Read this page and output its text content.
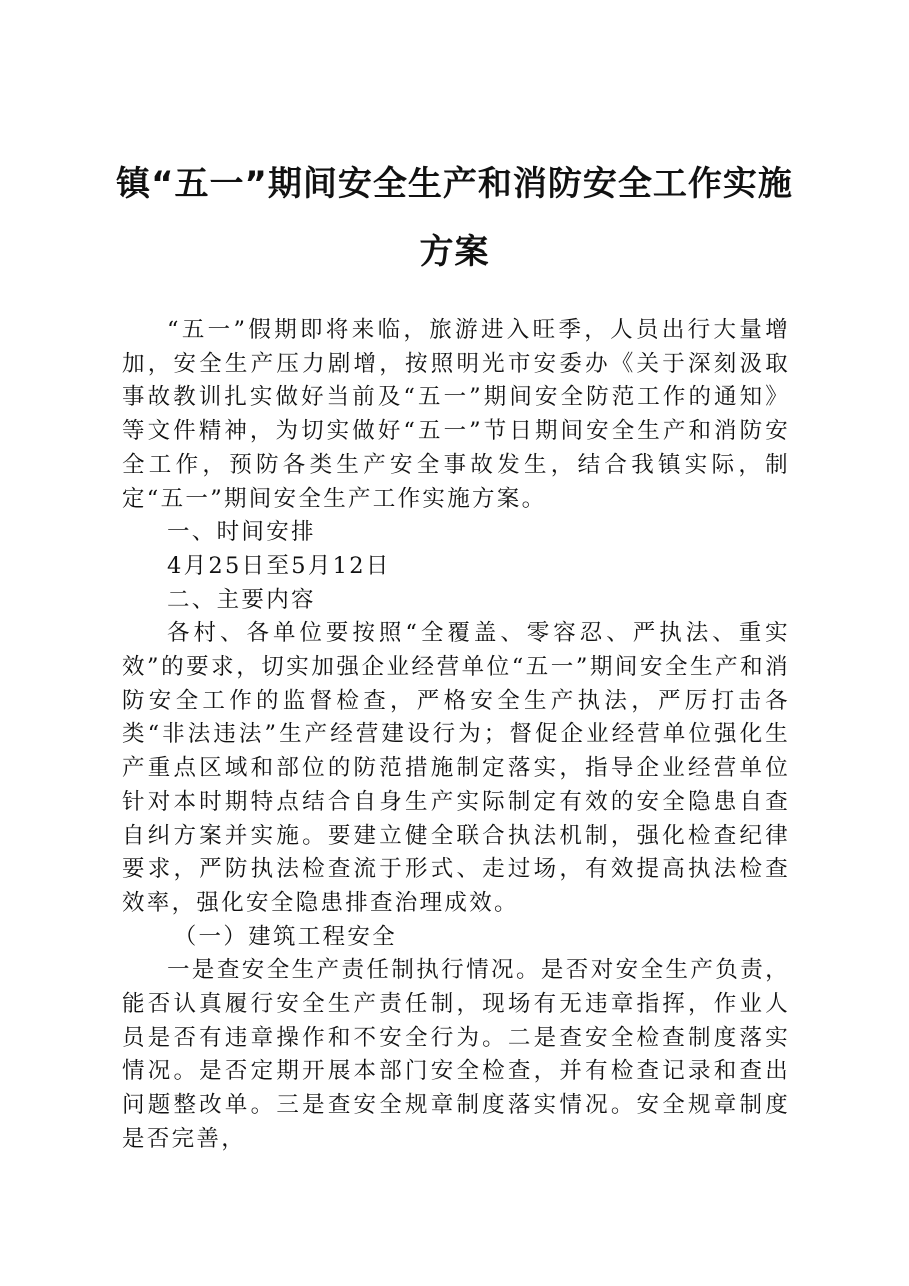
镇“五一”期间安全生产和消防安全工作实施
方案

“五一”假期即将来临，旅游进入旺季，人员出行大量增加，安全生产压力剧增，按照明光市安委办《关于深刻汲取事故教训扎实做好当前及“五一”期间安全防范工作的通知》等文件精神，为切实做好“五一”节日期间安全生产和消防安全工作，预防各类生产安全事故发生，结合我镇实际，制定“五一”期间安全生产工作实施方案。

一、时间安排

4月25日至5月12日

二、主要内容

各村、各单位要按照“全覆盖、零容忍、严执法、重实效”的要求，切实加强企业经营单位“五一”期间安全生产和消防安全工作的监督检查，严格安全生产执法，严厉打击各类“非法违法”生产经营建设行为；督促企业经营单位强化生产重点区域和部位的防范措施制定落实，指导企业经营单位针对本时期特点结合自身生产实际制定有效的安全隐患自查自纠方案并实施。要建立健全联合执法机制，强化检查纪律要求，严防执法检查流于形式、走过场，有效提高执法检查效率，强化安全隐患排查治理成效。

（一）建筑工程安全

一是查安全生产责任制执行情况。是否对安全生产负责，能否认真履行安全生产责任制，现场有无违章指挥，作业人员是否有违章操作和不安全行为。二是查安全检查制度落实情况。是否定期开展本部门安全检查，并有检查记录和查出问题整改单。三是查安全规章制度落实情况。安全规章制度是否完善，
